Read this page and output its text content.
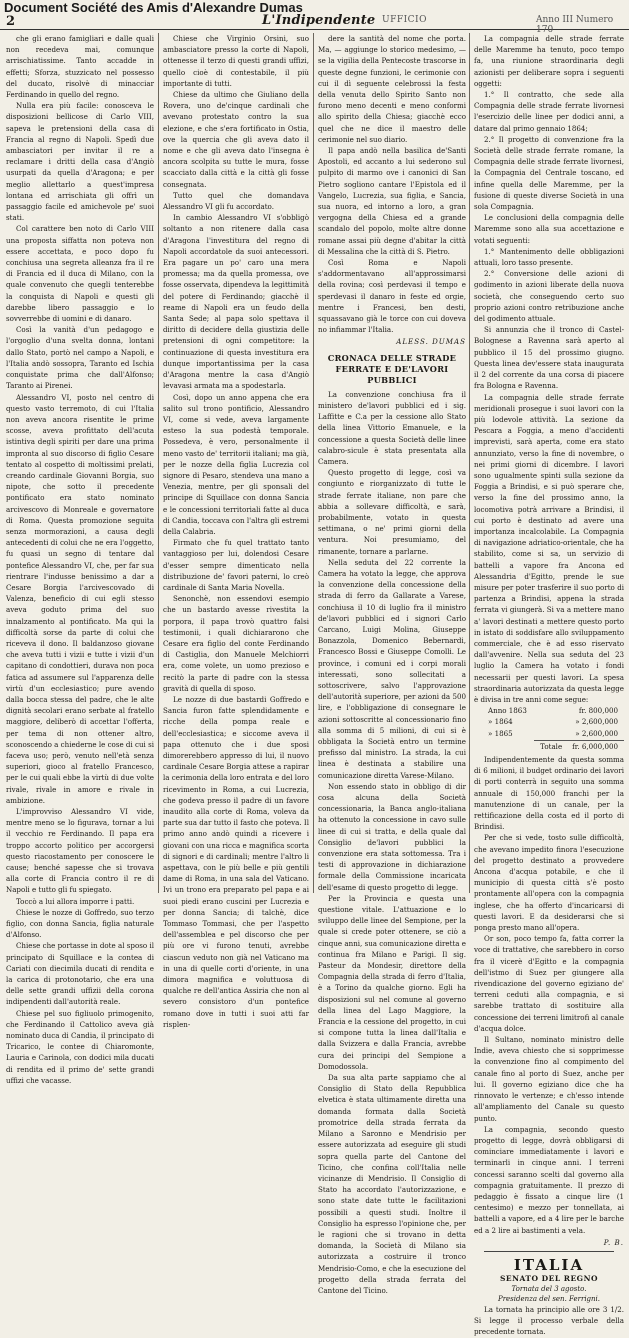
Document Société des Amis d'Alexandre Dumas
2	L'Indipendente UFFICIO	Anno III Numero 170

che gli erano famigliari e dalle quali non recedeva mai, comunque arrischiatissime. Tanto accadde in effetti; Sforza, stuzzicato nel possesso del ducato, risolvè di minacciar Ferdinando in quello del regno.

Nulla era più facile: conosceva le disposizioni bellicose di Carlo VIII, sapeva le pretensioni della casa di Francia al regno di Napoli. Spedì due ambasciatori per invitar il re a reclamare i dritti della casa d'Angiò usurpati da quella d'Aragona; e per meglio allettarlo a quest'impresa lontana ed arrischiata gli offrì un passaggio facile ed amichevole pe' suoi stati.

Col carattere ben noto di Carlo VIII una proposta siffatta non poteva non essere accettata, e poco dopo fu conchiusa una segreta alleanza fra il re di Francia ed il duca di Milano, con la quale convenuto che quegli tenterebbe la conquista di Napoli e questi gli darebbe libero passaggio e lo sovverrebbe di uomini e di danaro.

Così la vanità d'un pedagogo e l'orgoglio d'una svelta donna, lontani dallo Stato, portò nel campo a Napoli, e l'Italia andò sossopra, Taranto ed Ischia conquistate prima che dall'Alfonso; Taranto ai Pirenei.

Alessandro VI, posto nel centro di questo vasto terremoto, di cui l'Italia non aveva ancora risentite le prime scosse, aveva profittato dell'acuta istintiva degli spiriti per dare una prima impronta al suo discorso di figlio Cesare tentato al cospetto di moltissimi prelati, creando cardinale Giovanni Borgia, suo nipote, che sotto il precedente pontificato era stato nominato arcivescovo di Monreale e governatore di Roma. Questa promozione seguita senza mormorazioni, a causa degli antecedenti di colui che ne era l'oggetto, fu quasi un segno di tentare dal pontefice Alessandro VI, che, per far sua rientrare l'indusse benissimo a dar a Cesare Borgia l'arcivescovado di Valenza, beneficio di cui egli stesso aveva goduto prima del suo innalzamento al pontificato. Ma qui la difficoltà sorse da parte di colui che riceveva il dono. Il baldanzoso giovane che aveva tutti i vizii e tutte i vizii d'un capitano di condottieri, durava non poca fatica ad assumere sul l'apparenza delle virtù d'un ecclesiastico; pure avendo dalla bocca stessa del padre, che le alte dignità secolari erano serbate al fratello maggiore, deliberò di accettar l'offerta, per tema di non ottener altro, sconoscendo a chiederne le cose di cui si faceva uso; però, venuto nell'età senza superiori, gioco al fratello Francesco, per le cui quali ebbe la virtù di due volte rivale, rivale in amore e rivale in ambizione.

L'improvviso Alessandro VI vide, mentre meno se lo figurava, tornar a lui il vecchio re Ferdinando. Il papa era troppo accorto politico per accorgersi questo riacostamento per conoscere le cause; benché sapesse che si trovava alla corte di Francia contro il re di Napoli e tutto gli fu spiegato.

Toccò a lui allora imporre i patti.

Chiese le nozze di Goffredo, suo terzo figlio, con donna Sancia, figlia naturale d'Alfonso.

Chiese che portasse in dote al sposo il principato di Squillace e la contea di Cariati con diecimila ducati di rendita e la carica di protonotario, che era una delle sette grandi uffizii della corona indipendenti dall'autorità reale.

Chiese pel suo figliuolo primogenito, che Ferdinando il Cattolico aveva già nominato duca di Candia, il principato di Tricarico, le contee di Chiaromonte, Lauria e Carinola, con dodici mila ducati di rendita ed il primo de' sette grandi uffizi che vacasse.

Chiese che Virginio Orsini, suo ambasciatore presso la corte di Napoli, ottenesse il terzo di questi grandi uffizi, quello cioè di contestabile, il più importante di tutti.

Chiese da ultimo che Giuliano della Rovera, uno de'cinque cardinali che avevano protestato contro la sua elezione, e che s'era fortificato in Ostia, ove la quercia che gli aveva dato il nome e che gli aveva dato l'insegna è ancora scolpita su tutte le mura, fosse scacciato dalla città e la città gli fosse consegnata.

Tutto quel che domandava Alessandro VI gli fu accordato.

In cambio Alessandro VI s'obbligò soltanto a non ritenere dalla casa d'Aragona l'investitura del regno di Napoli accordatole da suoi antecessori. Era pagare un po' caro una mera promessa; ma da quella promessa, ove fosse osservata, dipendeva la legittimità del potere di Ferdinando; giacchè il reame di Napoli era un feudo della Santa Sede; al papa solo spettava il diritto di decidere della giustizia delle pretensioni di ogni competitore: la continuazione di questa investitura era dunque importantissima per la casa d'Aragona mentre la casa d'Angiò levavasi armata ma a spodestarla.

Così, dopo un anno appena che era salito sul trono pontificio, Alessandro VI, come si vede, aveva largamente esteso la sua podestà temporale. Possedeva, è vero, personalmente il meno vasto de' territorii italiani; ma già, per le nozze della figlia Lucrezia col signore di Pesaro, stendeva una mano a Venezia, mentre, per gli sponsali del principe di Squillace con donna Sancia e le concessioni territoriali fatte al duca di Candia, toccava con l'altra gli estremi della Calabria.

Firmato che fu quel trattato tanto vantaggioso per lui, dolendosi Cesare d'esser sempre dimenticato nella distribuzione de' favori paterni, lo creò cardinale di Santa Maria Novella.

Senonchè, non essendovi esempio che un bastardo avesse rivestita la porpora, il papa trovò quattro falsi testimonii, i quali dichiararono che Cesare era figlio del conte Ferdinando di Castiglia, don Manuele Melchiorri era, come volete, un uomo prezioso e recitò la parte di padre con la stessa gravità di quella di sposo.

Le nozze di due bastardi Goffredo e Sancia furon fatte splendidamente e ricche della pompa reale e dell'ecclesiastica; e siccome aveva il papa ottenuto che i due sposi dimorerebbero appresso di lui, il nuovo cardinale Cesare Borgia attese a rapirar la cerimonia della loro entrata e del loro ricevimento in Roma, a cui Lucrezia, che godeva presso il padre di un favore inaudito alla corte di Roma, voleva da parte sua dar tutto il fasto che poteva. Il primo anno andò quindi a ricevere i giovani con una ricca e magnifica scorta di signori e di cardinali; mentre l'altro li aspettava, con le più belle e più gentili dame di Roma, in una sala del Vaticano. Ivi un trono era preparato pel papa e ai suoi piedi erano cuscini per Lucrezia e per donna Sancia; di talchè, dice Tommaso Tommasi, che per l'aspetto dell'assemblea e pel discorso che per più ore vi furono tenuti, avrebbe ciascun veduto non già nel Vaticano ma in una di quelle corti d'oriente, in una dimora magnifica e voluttuosa di qualche re dell'antica Assiria che non al severo consistoro d'un pontefice romano dove in tutti i suoi atti far risplen-

dere la santità del nome che porta. Ma, — aggiunge lo storico medesimo, — se la vigilia della Pentecoste trascorse in queste degne funzioni, le cerimonie con cui il dì seguente celebrossi la festa della venuta dello Spirito Santo non furono meno decenti e meno conformi allo spirito della Chiesa; giacchè ecco quel che ne dice il maestro delle cerimonie nel suo diario.

Il papa andò nella basilica de'Santi Apostoli, ed accanto a lui sederono sul pulpito di marmo ove i canonici di San Pietro sogliono cantare l'Epistola ed il Vangelo, Lucrezia, sua figlia, e Sancia, sua nuora, ed intorno a loro, a gran vergogna della Chiesa ed a grande scandalo del popolo, molte altre donne romane assai più degne d'abitar la città di Messalina che la città di S. Pietro.

Così Roma e Napoli s'addormentavano all'approssimarsi della rovina; così perdevasi il tempo e sperdevasi il danaro in feste ed orgie, mentre i Francesi, ben desti, squassavano già le torce con cui doveva no infiammar l'Italia.

ALESS. DUMAS
CRONACA DELLE STRADE FERRATE E DE'LAVORI PUBBLICI

La convenzione conchiusa fra il ministero de'lavori pubblici ed i sig. Laffitte e C.a per la cessione allo Stato della linea Vittorio Emanuele, e la concessione a questa Società delle linee calabro-sicule è stata presentata alla Camera.

Questo progetto di legge, così va congiunto e riorganizzato di tutte le strade ferrate italiane, non pare che abbia a sollevare difficoltà, e sarà, probabilmente, votato in questa settimana, o ne' primi giorni della ventura. Noi presumiamo, del rimanente, tornare a parlarne.

Nella seduta del 22 corrente la Camera ha votato la legge, che approva la convenzione della concessione della strada di ferro da Gallarate a Varese, conchiusa il 10 di luglio fra il ministro de'lavori pubblici ed i signori Carlo Carcano, Luigi Molina, Giuseppe Bonazzola, Domenico Bebernardi, Francesco Bossi e Giuseppe Comolli. Le province, i comuni ed i corpi morali interessati, sono sollecitati a sottoscrivere, salvo l'approvazione dell'autorità superiore, per azioni da 500 lire, e l'obbligazione di consegnare le azioni sottoscritte al concessionario fino alla somma di 5 milioni, di cui si è obbligata la Società entro un termine prefisso dal ministro. La strada, la cui linea è destinata a stabilire una comunicazione diretta Varese-Milano.

Non essendo stato in obbligo di dir cosa alcuna della Società concessionaria, la Banca anglo-italiana ha ottenuto la concessione in cavo sulle linee di cui si tratta, e della quale dal Consiglio de'lavori pubblici la convenzione era stata sottomessa. Tra i testi di approvazione in dichiarazione formale della Commissione incaricata dell'esame di questo progetto di legge.

Per la Provincia e questa una questione vitale. L'attuazione e lo sviluppo delle linee del Sempione, per la quale si crede poter ottenere, se ciò a cinque anni, sua comunicazione diretta e continua fra Milano e Parigi. Il sig. Pasteur da Mondesir, direttore della Compagnia della strada di ferro d'Italia, è a Torino da qualche giorno. Egli ha disposizioni sul nel comune al governo della linea del Lago Maggiore, la Francia e la cessione del progetto, in cui si compone tutta la linea dall'Italia e dalla Svizzera e dalla Francia, avrebbe cura dei principi del Sempione a Domodossola.

Da sua alta parte sappiamo che al Consiglio di Stato della Repubblica elvetica è stata ultimamente diretta una domanda formata dalla Società promotrice della strada ferrata da Milano a Saronno e Mendrisio per essere autorizzata ad eseguire gli studi sopra quella parte del Cantone del Ticino, che confina coll'Italia nelle vicinanze di Mendrisio. Il Consiglio di Stato ha accordato l'autorizzazione, e sono state date tutte le facilitazioni possibili a questi studi. Inoltre il Consiglio ha espresso l'opinione che, per le ragioni che si trovano in detta domanda, la Società di Milano sia autorizzata a costruire il tronco Mendrisio-Como, e che la esecuzione del progetto della strada ferrata del Cantone del Ticino.

La compagnia delle strade ferrate delle Maremme ha tenuto, poco tempo fa, una riunione straordinaria degli azionisti per deliberare sopra i seguenti oggetti:

1.° Il contratto, che sede alla Compagnia delle strade ferrate livornesi l'esercizio delle linee per dodici anni, a datare dal primo gennaio 1864;

2.° Il progetto di convenzione fra la Società delle strade ferrate romane, la Compagnia delle strade ferrate livornesi, la Compagnia del Centrale toscano, ed infine quella delle Maremme, per la fusione di queste diverse Società in una sola Compagnia.

Le conclusioni della compagnia delle Maremme sono alla sua accettazione e votati seguenti:

1.° Mantenimento delle obbligazioni attuali, loro tasso presente.

2.° Conversione delle azioni di godimento in azioni liberate della nuova società, che conseguendo certo suo proprio azioni contro retribuzione anche del godimento attuale.

Si annunzia che il tronco di Castel-Bolognese a Ravenna sarà aperto al pubblico il 15 del prossimo giugno. Questa linea dev'essere stata inaugurata il 2 del corrente da una corsa di piacere fra Bologna e Ravenna.

La compagnia delle strade ferrate meridionali prosegue i suoi lavori con la più lodevole attività. La sezione da Pescara a Foggia, a meno d'accidenti imprevisti, sarà aperta, come era stato annunziato, verso la fine di novembre, o nei primi giorni di dicembre. I lavori sono ugualmente spinti sulla sezione da Foggia a Brindisi, e si può sperare che, verso la fine del prossimo anno, la locomotiva potrà arrivare a Brindisi, il cui porto è destinato ad avere una importanza incalcolabile. La Compagnia di navigazione adriatico-orientale, che ha stabilito, come si sa, un servizio di battelli a vapore fra Ancona ed Alessandria d'Egitto, prende le sue misure per poter trasferire il suo porto di partenza a Brindisi, appena la strada ferrata vi giungerà. Si va a mettere mano a' lavori destinati a mettere questo porto in istato di soddisfare allo sviluppamento commerciale, che è ad esso riservato dall'avvenire. Nella sua seduta del 23 luglio la Camera ha votato i fondi necessarii per questi lavori. La spesa straordinaria autorizzata da questa legge è divisa in tre anni come segue:

Anno 1863	fr. 800,000
» 1864	» 2,600,000
» 1865	» 2,600,000
Totale fr. 6,000,000

Indipendentemente da questa somma di 6 milioni, il budget ordinario dei lavori di porti conterrà in seguito una somma annuale di 150,000 franchi per la manutenzione di un canale, per la rettificazione della costa ed il porto di Brindisi.

Per che si vede, tosto sulle difficoltà, che avevano impedito finora l'esecuzione del progetto destinato a provvedere Ancona d'acqua potabile, e che il municipio di questa città s'è posto prontamente all'opera con la compagnia inglese, che ha offerto d'incaricarsi di questi lavori. E da desiderarsi che si ponga presto mano all'opera.

Or son, poco tempo fa, fatta correr la voce di trattative, che sarebbero in corso fra il vicerè d'Egitto e la compagnia dell'istmo di Suez per giungere alla rivendicazione del governo egiziano de' terreni ceduti alla compagnia, e si sarebbe trattato di sostituire alla concessione dei terreni limitrofi al canale d'acqua dolce.

Il Sultano, nominato ministro delle Indie, aveva chiesto che si sopprimesse la convenzione fino al compimento del canale fino al porto di Suez, anche per lui. Il governo egiziano dice che ha rinnovato le vertenze; e ch'esso intende all'ampliamento del Canale su questo punto.

La compagnia, secondo questo progetto di legge, dovrà obbligarsi di cominciare immediatamente i lavori e terminarli in cinque anni. I terreni concessi saranno scelti dal governo alla compagnia gratuitamente. Il prezzo di pedaggio è fissato a cinque lire (1 centesimo) e mezzo per tonnellata, ai battelli a vapore, ed a 4 lire per le barche ed a 2 lire ai bastimenti a vela.

P. B.
ITALIA
SENATO DEL REGNO
Tornata del 3 agosto.
Presidenza del sen. Ferrigni.

La tornata ha principio alle ore 3 1/2. Si legge il processo verbale della precedente tornata.
